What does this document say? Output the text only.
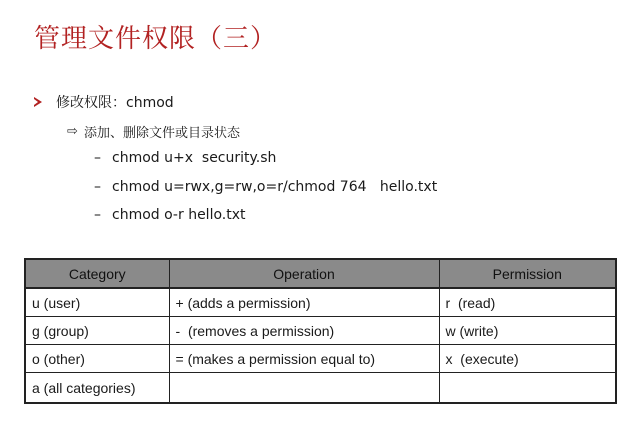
管理文件权限（三）
修改权限：chmod
⇨ 添加、删除文件或目录状态
– chmod u+x  security.sh
– chmod u=rwx,g=rw,o=r/chmod 764   hello.txt
– chmod o-r hello.txt
Category	Operation	Permission
u (user)	+ (adds a permission)	r  (read)
g (group)	-  (removes a permission)	w (write)
o (other)	= (makes a permission equal to)	x  (execute)
a (all categories)		
